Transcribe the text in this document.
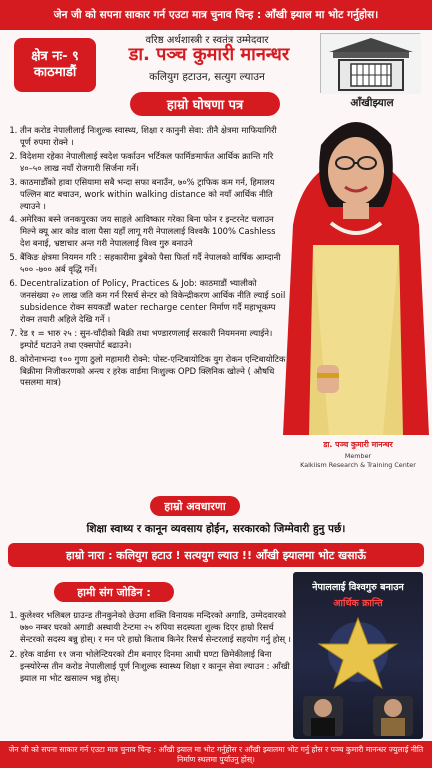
जेन जी को सपना साकार गर्न एउटा मात्र चुनाव चिन्ह : आँखी झ्याल मा भोट गर्नुहोस।
क्षेत्र नः- ९
काठमाडौं
वरिष्ठ अर्थशास्त्री र स्वतंत्र उम्मेदवार
डा. पञ्च कुमारी मानन्धर
कलियुग हटाउन, सत्युग ल्याउन
आँखीझ्याल
हाम्रो घोषणा पत्र
1. तीन करोड नेपालीलाई निःशुल्क स्वास्थ्य, शिक्षा र कानुनी सेवा: तीनै क्षेत्रमा माफियागिरी पूर्ण रुपमा रोक्ने ।
2. विदेशमा रहेका नेपालीलाई स्वदेश फर्काउन भर्टिकल फार्मिङमार्फत आर्थिक क्रान्ति गरि ४०–५० लाख नयाँ रोजगारी सिर्जना गर्ने।
3. काठमाडौँको हावा एसियामा सबै भन्दा सफा बनाउँन, ७०% ट्राफिक कम गर्न, हिमालय पल्लिन बाट बचाउन, work within walking distance को नयाँ आर्थिक नीति ल्याउने ।
4. अमेरिका बस्ने जनकपुरका जय साहले आविष्कार गरेका बिना फोन र इन्टरनेट चलाउन मिल्ने क्यू आर कोड वाला पैसा यहाँ लागू गरी नेपाललाई विश्वकै 100% Cashless देश बनाई, भ्रष्टाचार अन्त गरी नेपाललाई विश्व गुरु बनाउने
5. बैंकिङ क्षेत्रमा नियमन गरि : सहकारीमा डुबेको पैसा फिर्ता गर्दै नेपालको वार्षिक आम्दानी ५०० -७०० अर्ब वृद्धि गर्ने।
6. Decentralization of Policy, Practices & Job: काठमाडौं भ्यालीको जनसंख्या २० लाख जति कम गर्न रिसर्च सेन्टर को विकेन्द्रीकरण आर्थिक नीति ल्याई soil subsidence रोक्न सयकडौं water recharge center निर्माण गर्दै महाभूकम्प रोक्न तयारी अहिले देखि गर्ने ।
7. रेड १ = भारु २५ : सुन-चाँदीको बिक्री तथा भण्डारणलाई सरकारी नियमनमा ल्याईने। इम्पोर्ट घटाउने तथा एक्सपोर्ट बढाउने।
8. कोरोनाभन्दा १०० गुणा ठुलो महामारी रोक्ने: पोस्ट-एन्टिबायोटिक युग रोकन एन्टिबायोटिक बिक्रीमा निजीकरणको अन्त्य र हरेक वार्डमा निःशुल्क OPD क्लिनिक खोल्ने ( औषधि पसलमा मात्र)
डा. पञ्च कुमारी मानन्धर
Member
Kalkiism Research & Training Center
हाम्रो अवधारणा
शिक्षा स्वाथ्य र कानून व्यवसाय होईन, सरकारको जिम्मेवारी हुनु पर्छ।
हाम्रो नारा : कलियुग हटाउ ! सत्ययुग ल्याउ !! आँखी झ्यालमा भोट खसाऊँ
हामी संग जोडिन :
1. कुलेश्वर भलिबल ग्राउन्ड तीनकुनेको छेउमा शक्ति विनायक मन्दिरको अगाडि, उम्मेदवारको ७७० नम्बर घरको अगाडी अस्थायी टेन्टमा २५ रुपिया सदस्यता शुल्क दिएर हाम्रो रिसर्च सेन्टरको सदस्य बन्नु होस्। र मन परे हाम्रो किताब किनेर रिसर्च सेन्टरलाई सहयोग गर्नु होस् ।
2. हरेक वार्डमा ११ जना भोलेन्टियरको टीम बनाएर दिनमा आधी घण्टा छिमेकीलाई बिना इन्स्योरेन्स तीन करोड नेपालीलाई पूर्ण निःशुल्क स्वास्थ्य शिक्षा र कानून सेवा ल्याउन : आँखी झ्याल मा भोट खसाल्न भन्नु होस्।
नेपाललाई विश्वगुरु बनाउन
आर्थिक क्रान्ति
जेन जी को सपना साकार गर्न एउटा मात्र चुनाव चिन्ह : आँखी झ्याल मा भोट गर्नुहोस र आँखी झ्यालमा भोट गर्नु होस र पञ्च कुमारी मानन्धर ज्युलाई नीति निर्माण स्थलमा पुर्याउनु होस्।
